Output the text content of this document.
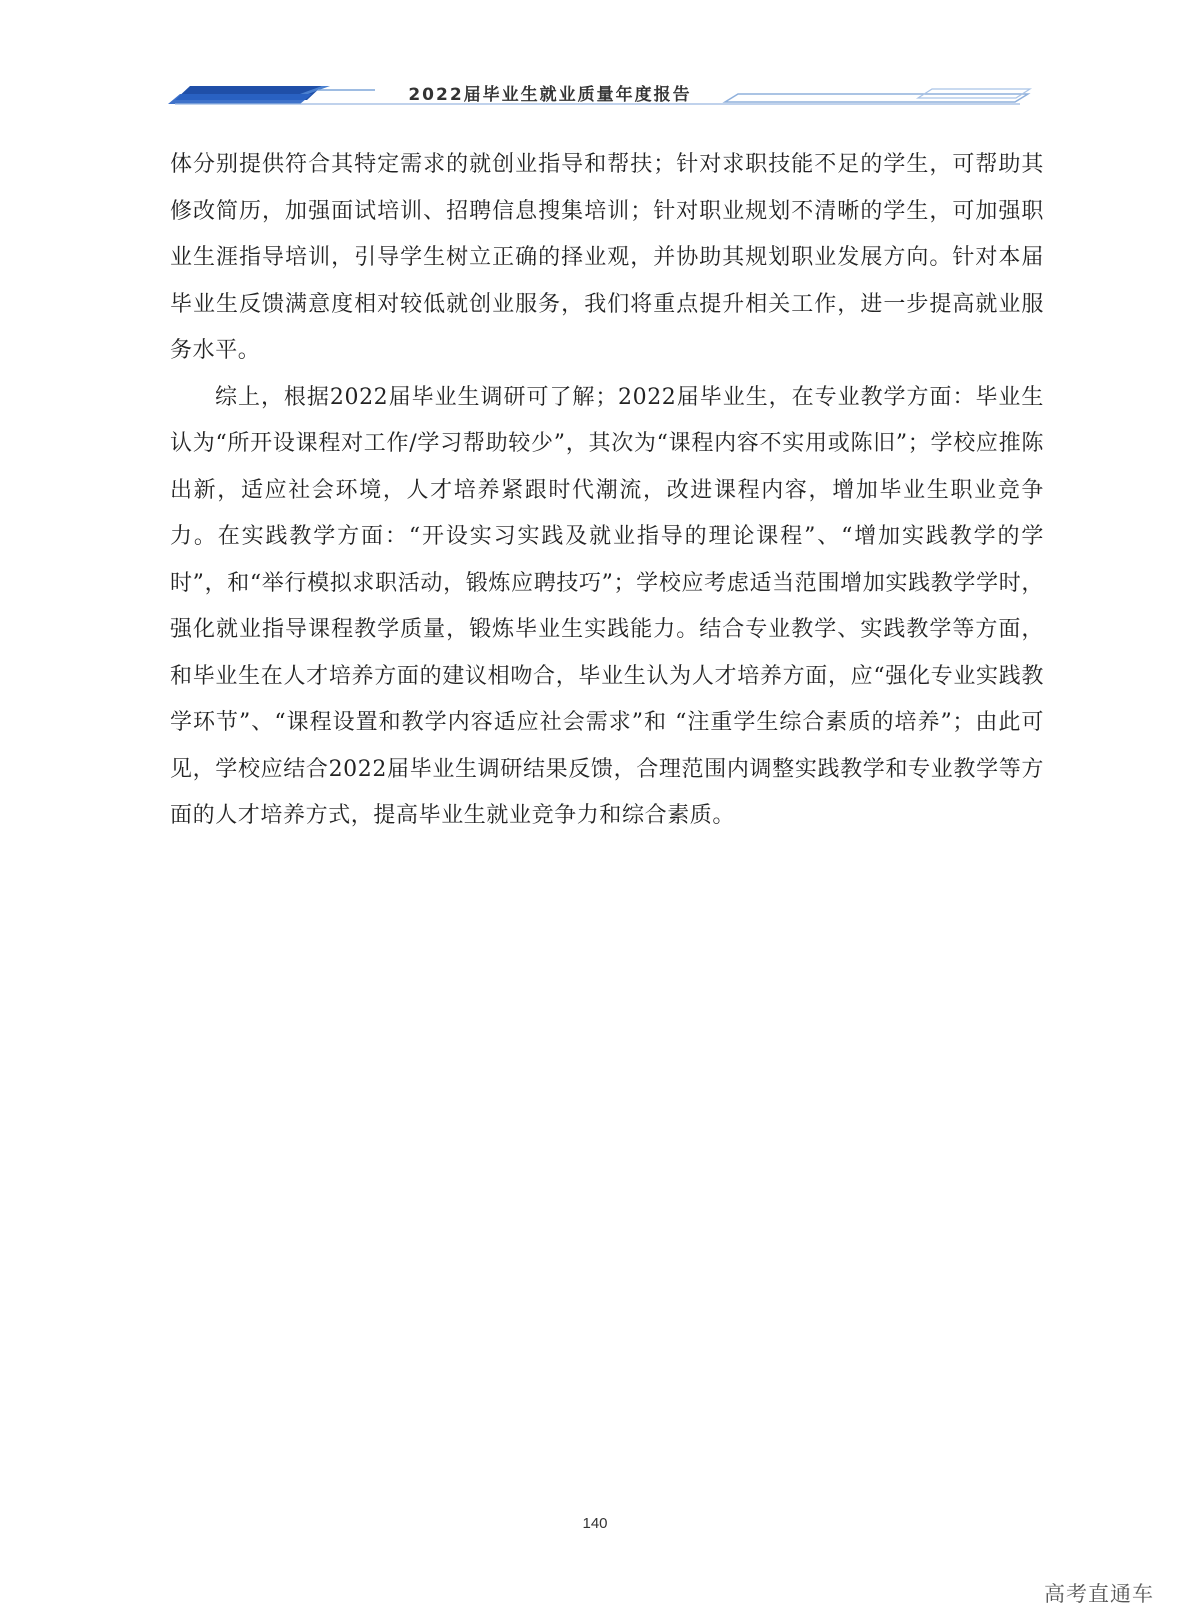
2022届毕业生就业质量年度报告

体分别提供符合其特定需求的就创业指导和帮扶；针对求职技能不足的学生，可帮助其修改简历，加强面试培训、招聘信息搜集培训；针对职业规划不清晰的学生，可加强职业生涯指导培训，引导学生树立正确的择业观，并协助其规划职业发展方向。针对本届毕业生反馈满意度相对较低就创业服务，我们将重点提升相关工作，进一步提高就业服务水平。

综上，根据2022届毕业生调研可了解；2022届毕业生，在专业教学方面：毕业生认为“所开设课程对工作/学习帮助较少”，其次为“课程内容不实用或陈旧”；学校应推陈出新，适应社会环境，人才培养紧跟时代潮流，改进课程内容，增加毕业生职业竞争力。在实践教学方面：“开设实习实践及就业指导的理论课程”、“增加实践教学的学时”，和“举行模拟求职活动，锻炼应聘技巧”；学校应考虑适当范围增加实践教学学时，强化就业指导课程教学质量，锻炼毕业生实践能力。结合专业教学、实践教学等方面，和毕业生在人才培养方面的建议相吻合，毕业生认为人才培养方面，应“强化专业实践教学环节”、“课程设置和教学内容适应社会需求”和 “注重学生综合素质的培养”；由此可见，学校应结合2022届毕业生调研结果反馈，合理范围内调整实践教学和专业教学等方面的人才培养方式，提高毕业生就业竞争力和综合素质。

140
高考直通车
